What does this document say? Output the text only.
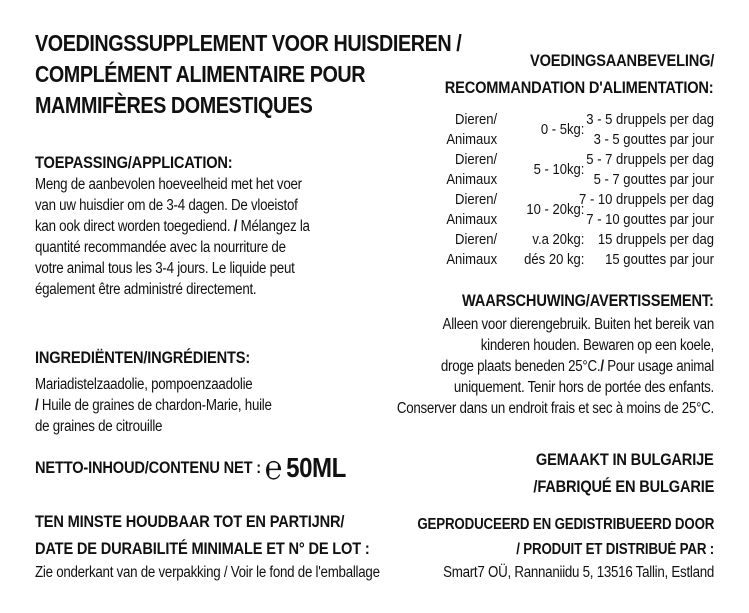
VOEDINGSSUPPLEMENT VOOR HUISDIEREN /
COMPLÉMENT ALIMENTAIRE POUR
MAMMIFÈRES DOMESTIQUES
TOEPASSING/APPLICATION:
Meng de aanbevolen hoeveelheid met het voer
van uw huisdier om de 3-4 dagen. De vloeistof
kan ook direct worden toegediend. / Mélangez la
quantité recommandée avec la nourriture de
votre animal tous les 3-4 jours. Le liquide peut
également être administré directement.
INGREDIËNTEN/INGRÉDIENTS:
Mariadistelzaadolie, pompoenzaadolie
/ Huile de graines de chardon-Marie, huile
de graines de citrouille
NETTO-INHOUD/CONTENU NET : ℮ 50ML
TEN MINSTE HOUDBAAR TOT EN PARTIJNR/
DATE DE DURABILITÉ MINIMALE ET N° DE LOT :
Zie onderkant van de verpakking / Voir le fond de l'emballage
VOEDINGSAANBEVELING/
RECOMMANDATION D'ALIMENTATION:
Dieren/
Animaux
0 - 5kg:
3 - 5 druppels per dag
3 - 5 gouttes par jour
Dieren/
Animaux
5 - 10kg:
5 - 7 druppels per dag
5 - 7 gouttes par jour
Dieren/
Animaux
10 - 20kg:
7 - 10 druppels per dag
7 - 10 gouttes par jour
Dieren/
Animaux
v.a 20kg:
dés 20 kg:
15 druppels per dag
15 gouttes par jour
WAARSCHUWING/AVERTISSEMENT:
Alleen voor dierengebruik. Buiten het bereik van
kinderen houden. Bewaren op een koele,
droge plaats beneden 25°C./ Pour usage animal
uniquement. Tenir hors de portée des enfants.
Conserver dans un endroit frais et sec à moins de 25°C.
GEMAAKT IN BULGARIJE
/FABRIQUÉ EN BULGARIE
GEPRODUCEERD EN GEDISTRIBUEERD DOOR
/ PRODUIT ET DISTRIBUÉ PAR :
Smart7 OÜ, Rannaniidu 5, 13516 Tallin, Estland
